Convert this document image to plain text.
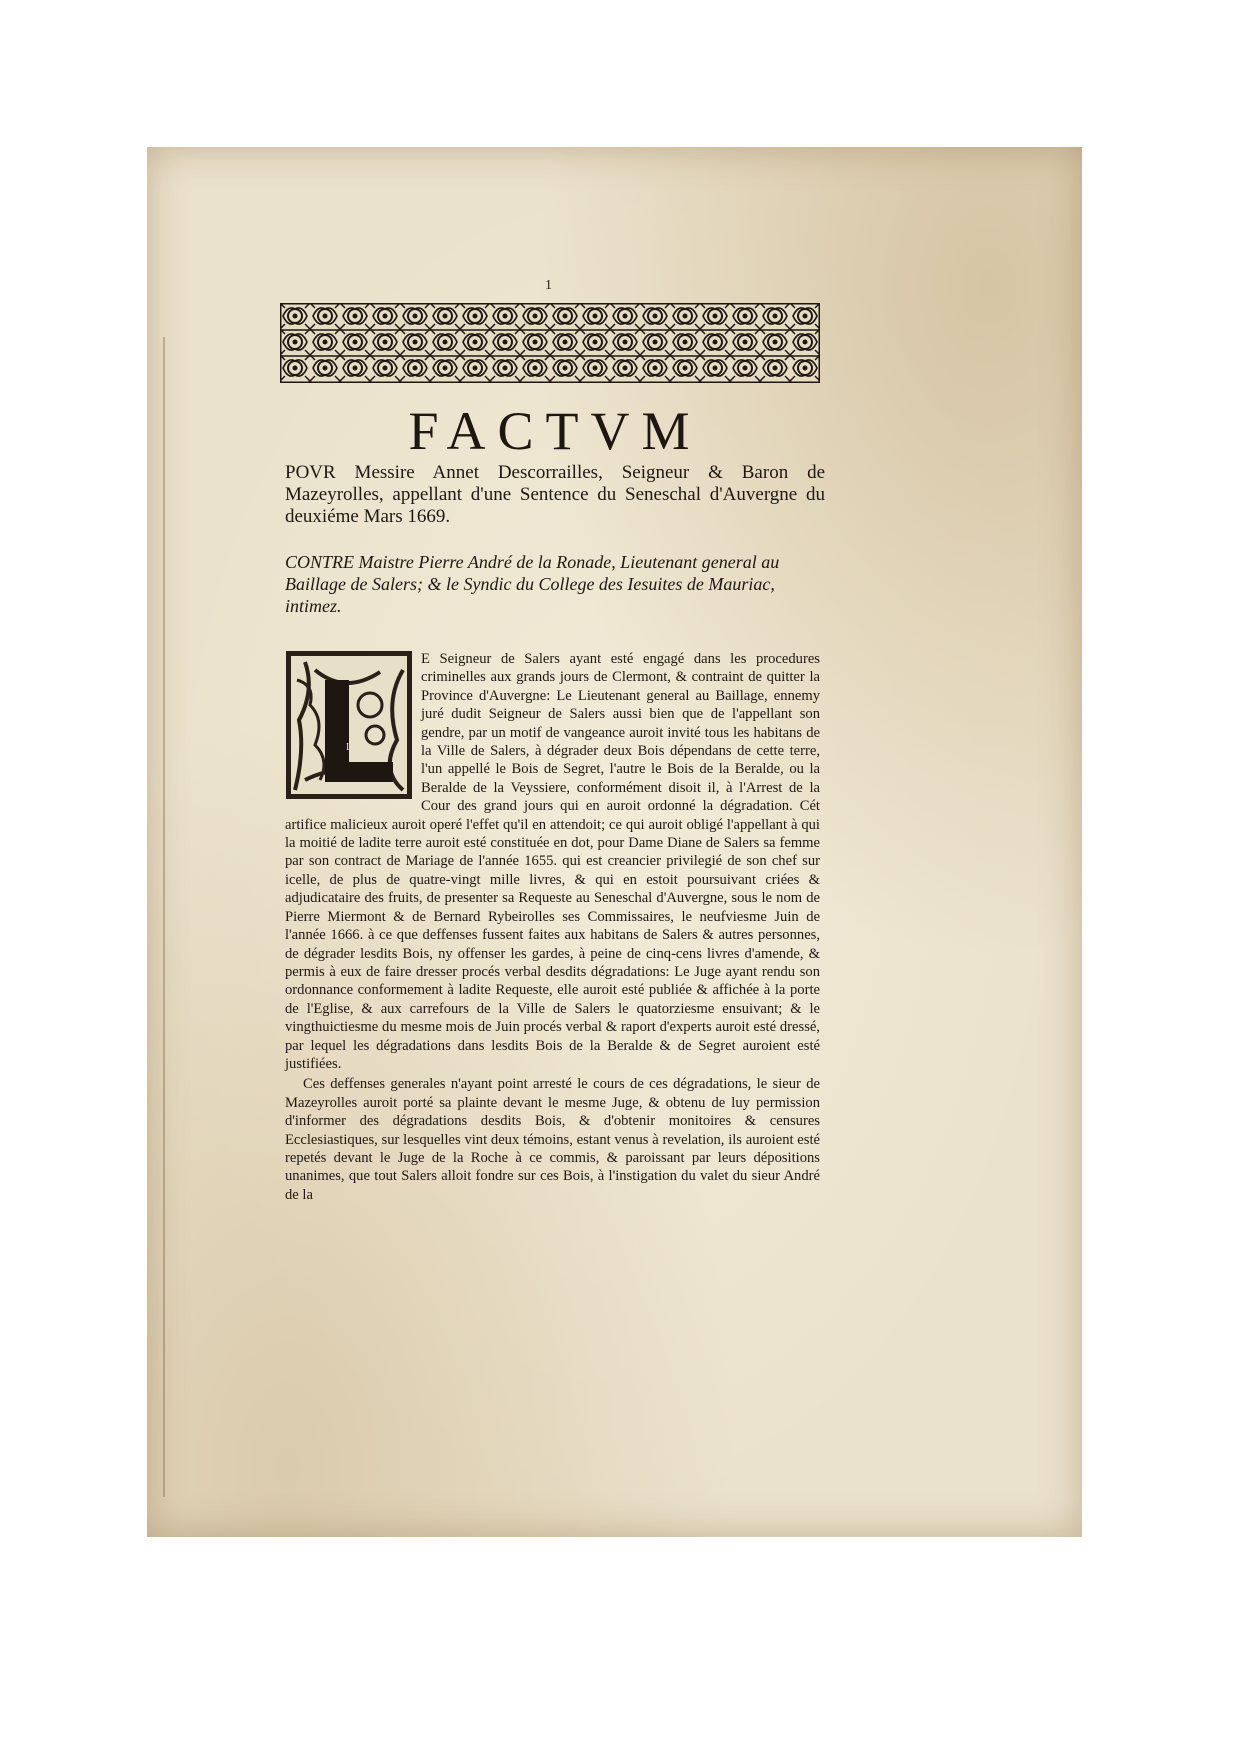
1
FACTVM
POVR Messire Annet Descorrailles, Seigneur & Baron de Mazeyrolles, appellant d'une Sentence du Seneschal d'Auvergne du deuxiéme Mars 1669.
CONTRE Maistre Pierre André de la Ronade, Lieutenant general au Baillage de Salers; & le Syndic du College des Iesuites de Mauriac, intimez.
L

E Seigneur de Salers ayant esté engagé dans les procedures criminelles aux grands jours de Clermont, & contraint de quitter la Province d'Auvergne: Le Lieutenant general au Baillage, ennemy juré dudit Seigneur de Salers aussi bien que de l'appellant son gendre, par un motif de vangeance auroit invité tous les habitans de la Ville de Salers, à dégrader deux Bois dépendans de cette terre, l'un appellé le Bois de Segret, l'autre le Bois de la Beralde, ou la Beralde de la Veyssiere, conformément disoit il, à l'Arrest de la Cour des grand jours qui en auroit ordonné la dégradation. Cét artifice malicieux auroit operé l'effet qu'il en attendoit; ce qui auroit obligé l'appellant à qui la moitié de ladite terre auroit esté constituée en dot, pour Dame Diane de Salers sa femme par son contract de Mariage de l'année 1655. qui est creancier privilegié de son chef sur icelle, de plus de quatre-vingt mille livres, & qui en estoit poursuivant criées & adjudicataire des fruits, de presenter sa Requeste au Seneschal d'Auvergne, sous le nom de Pierre Miermont & de Bernard Rybeirolles ses Commissaires, le neufviesme Juin de l'année 1666. à ce que deffenses fussent faites aux habitans de Salers & autres personnes, de dégrader lesdits Bois, ny offenser les gardes, à peine de cinq-cens livres d'amende, & permis à eux de faire dresser procés verbal desdits dégradations: Le Juge ayant rendu son ordonnance conformement à ladite Requeste, elle auroit esté publiée & affichée à la porte de l'Eglise, & aux carrefours de la Ville de Salers le quatorziesme ensuivant; & le vingthuictiesme du mesme mois de Juin procés verbal & raport d'experts auroit esté dressé, par lequel les dégradations dans lesdits Bois de la Beralde & de Segret auroient esté justifiées.

Ces deffenses generales n'ayant point arresté le cours de ces dégradations, le sieur de Mazeyrolles auroit porté sa plainte devant le mesme Juge, & obtenu de luy permission d'informer des dégradations desdits Bois, & d'obtenir monitoires & censures Ecclesiastiques, sur lesquelles vint deux témoins, estant venus à revelation, ils auroient esté repetés devant le Juge de la Roche à ce commis, & paroissant par leurs dépositions unanimes, que tout Salers alloit fondre sur ces Bois, à l'instigation du valet du sieur André de la
